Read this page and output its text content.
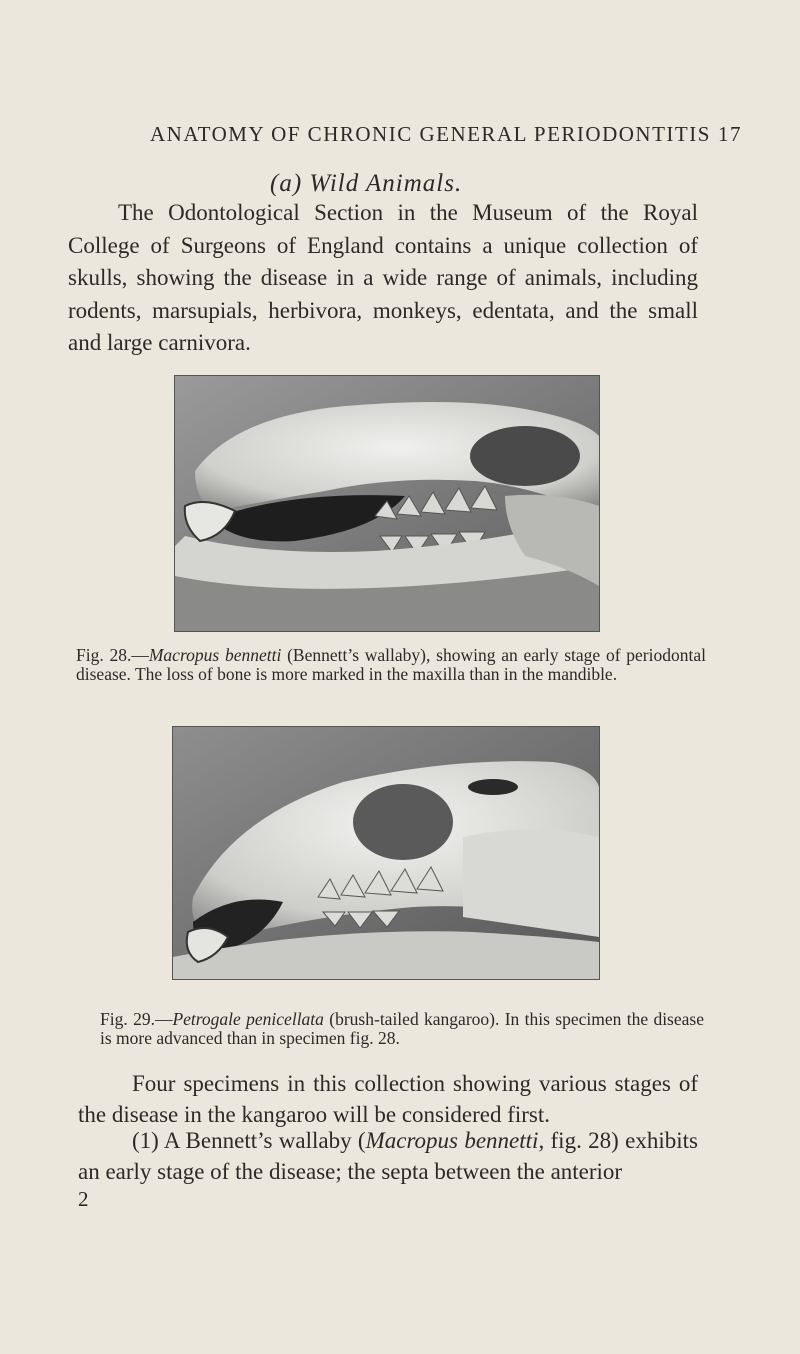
ANATOMY OF CHRONIC GENERAL PERIODONTITIS 17
(a) Wild Animals.

The Odontological Section in the Museum of the Royal College of Surgeons of England contains a unique collection of skulls, showing the disease in a wide range of animals, including rodents, marsupials, herbivora, monkeys, edentata, and the small and large carnivora.

Fig. 28.—Macropus bennetti (Bennett’s wallaby), showing an early stage of periodontal disease. The loss of bone is more marked in the maxilla than in the mandible.

Fig. 29.—Petrogale penicellata (brush-tailed kangaroo). In this specimen the disease is more advanced than in specimen fig. 28.

Four specimens in this collection showing various stages of the disease in the kangaroo will be considered first.

(1) A Bennett’s wallaby (Macropus bennetti, fig. 28) exhibits an early stage of the disease; the septa between the anterior

2
